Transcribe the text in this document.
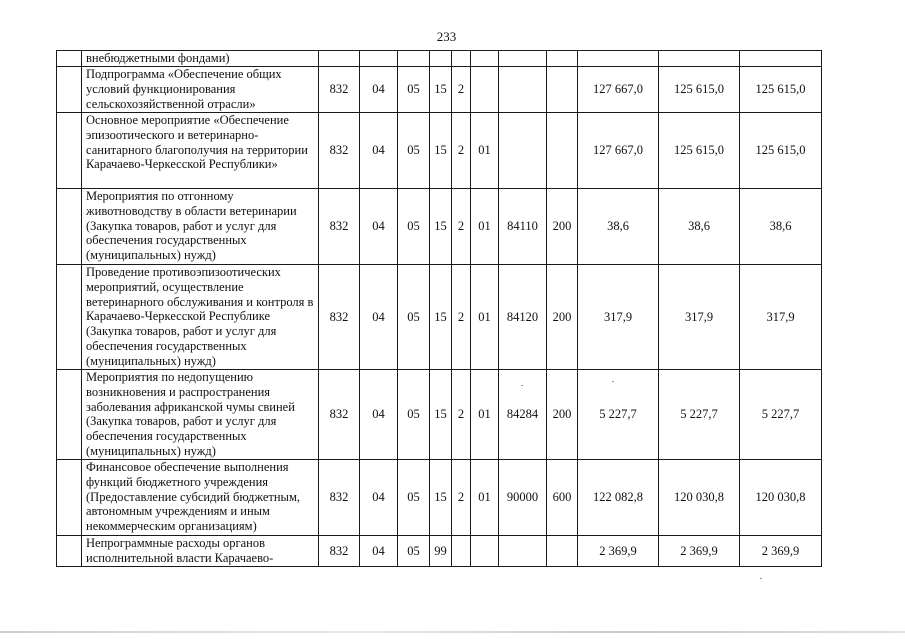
233
	внебюджетными фондами)											
	Подпрограмма «Обеспечение общих условий функционирования сельскохозяйственной отрасли»	832	04	05	15	2				127 667,0	125 615,0	125 615,0
	Основное мероприятие «Обеспечение эпизоотического и ветеринарно-санитарного благополучия на территории Карачаево-Черкесской Республики»	832	04	05	15	2	01			127 667,0	125 615,0	125 615,0
	Мероприятия по отгонному животноводству в области ветеринарии (Закупка товаров, работ и услуг для обеспечения государственных (муниципальных) нужд)	832	04	05	15	2	01	84110	200	38,6	38,6	38,6
	Проведение противоэпизоотических мероприятий, осуществление ветеринарного обслуживания и контроля в Карачаево-Черкесской Республике (Закупка товаров, работ и услуг для обеспечения государственных (муниципальных) нужд)	832	04	05	15	2	01	84120	200	317,9	317,9	317,9
	Мероприятия по недопущению возникновения и распространения заболевания африканской чумы свиней (Закупка товаров, работ и услуг для обеспечения государственных (муниципальных) нужд)	832	04	05	15	2	01	84284	200	5 227,7	5 227,7	5 227,7
	Финансовое обеспечение выполнения функций бюджетного учреждения (Предоставление субсидий бюджетным, автономным учреждениям и иным некоммерческим организациям)	832	04	05	15	2	01	90000	600	122 082,8	120 030,8	120 030,8
	Непрограммные расходы органов исполнительной власти Карачаево-	832	04	05	99					2 369,9	2 369,9	2 369,9
